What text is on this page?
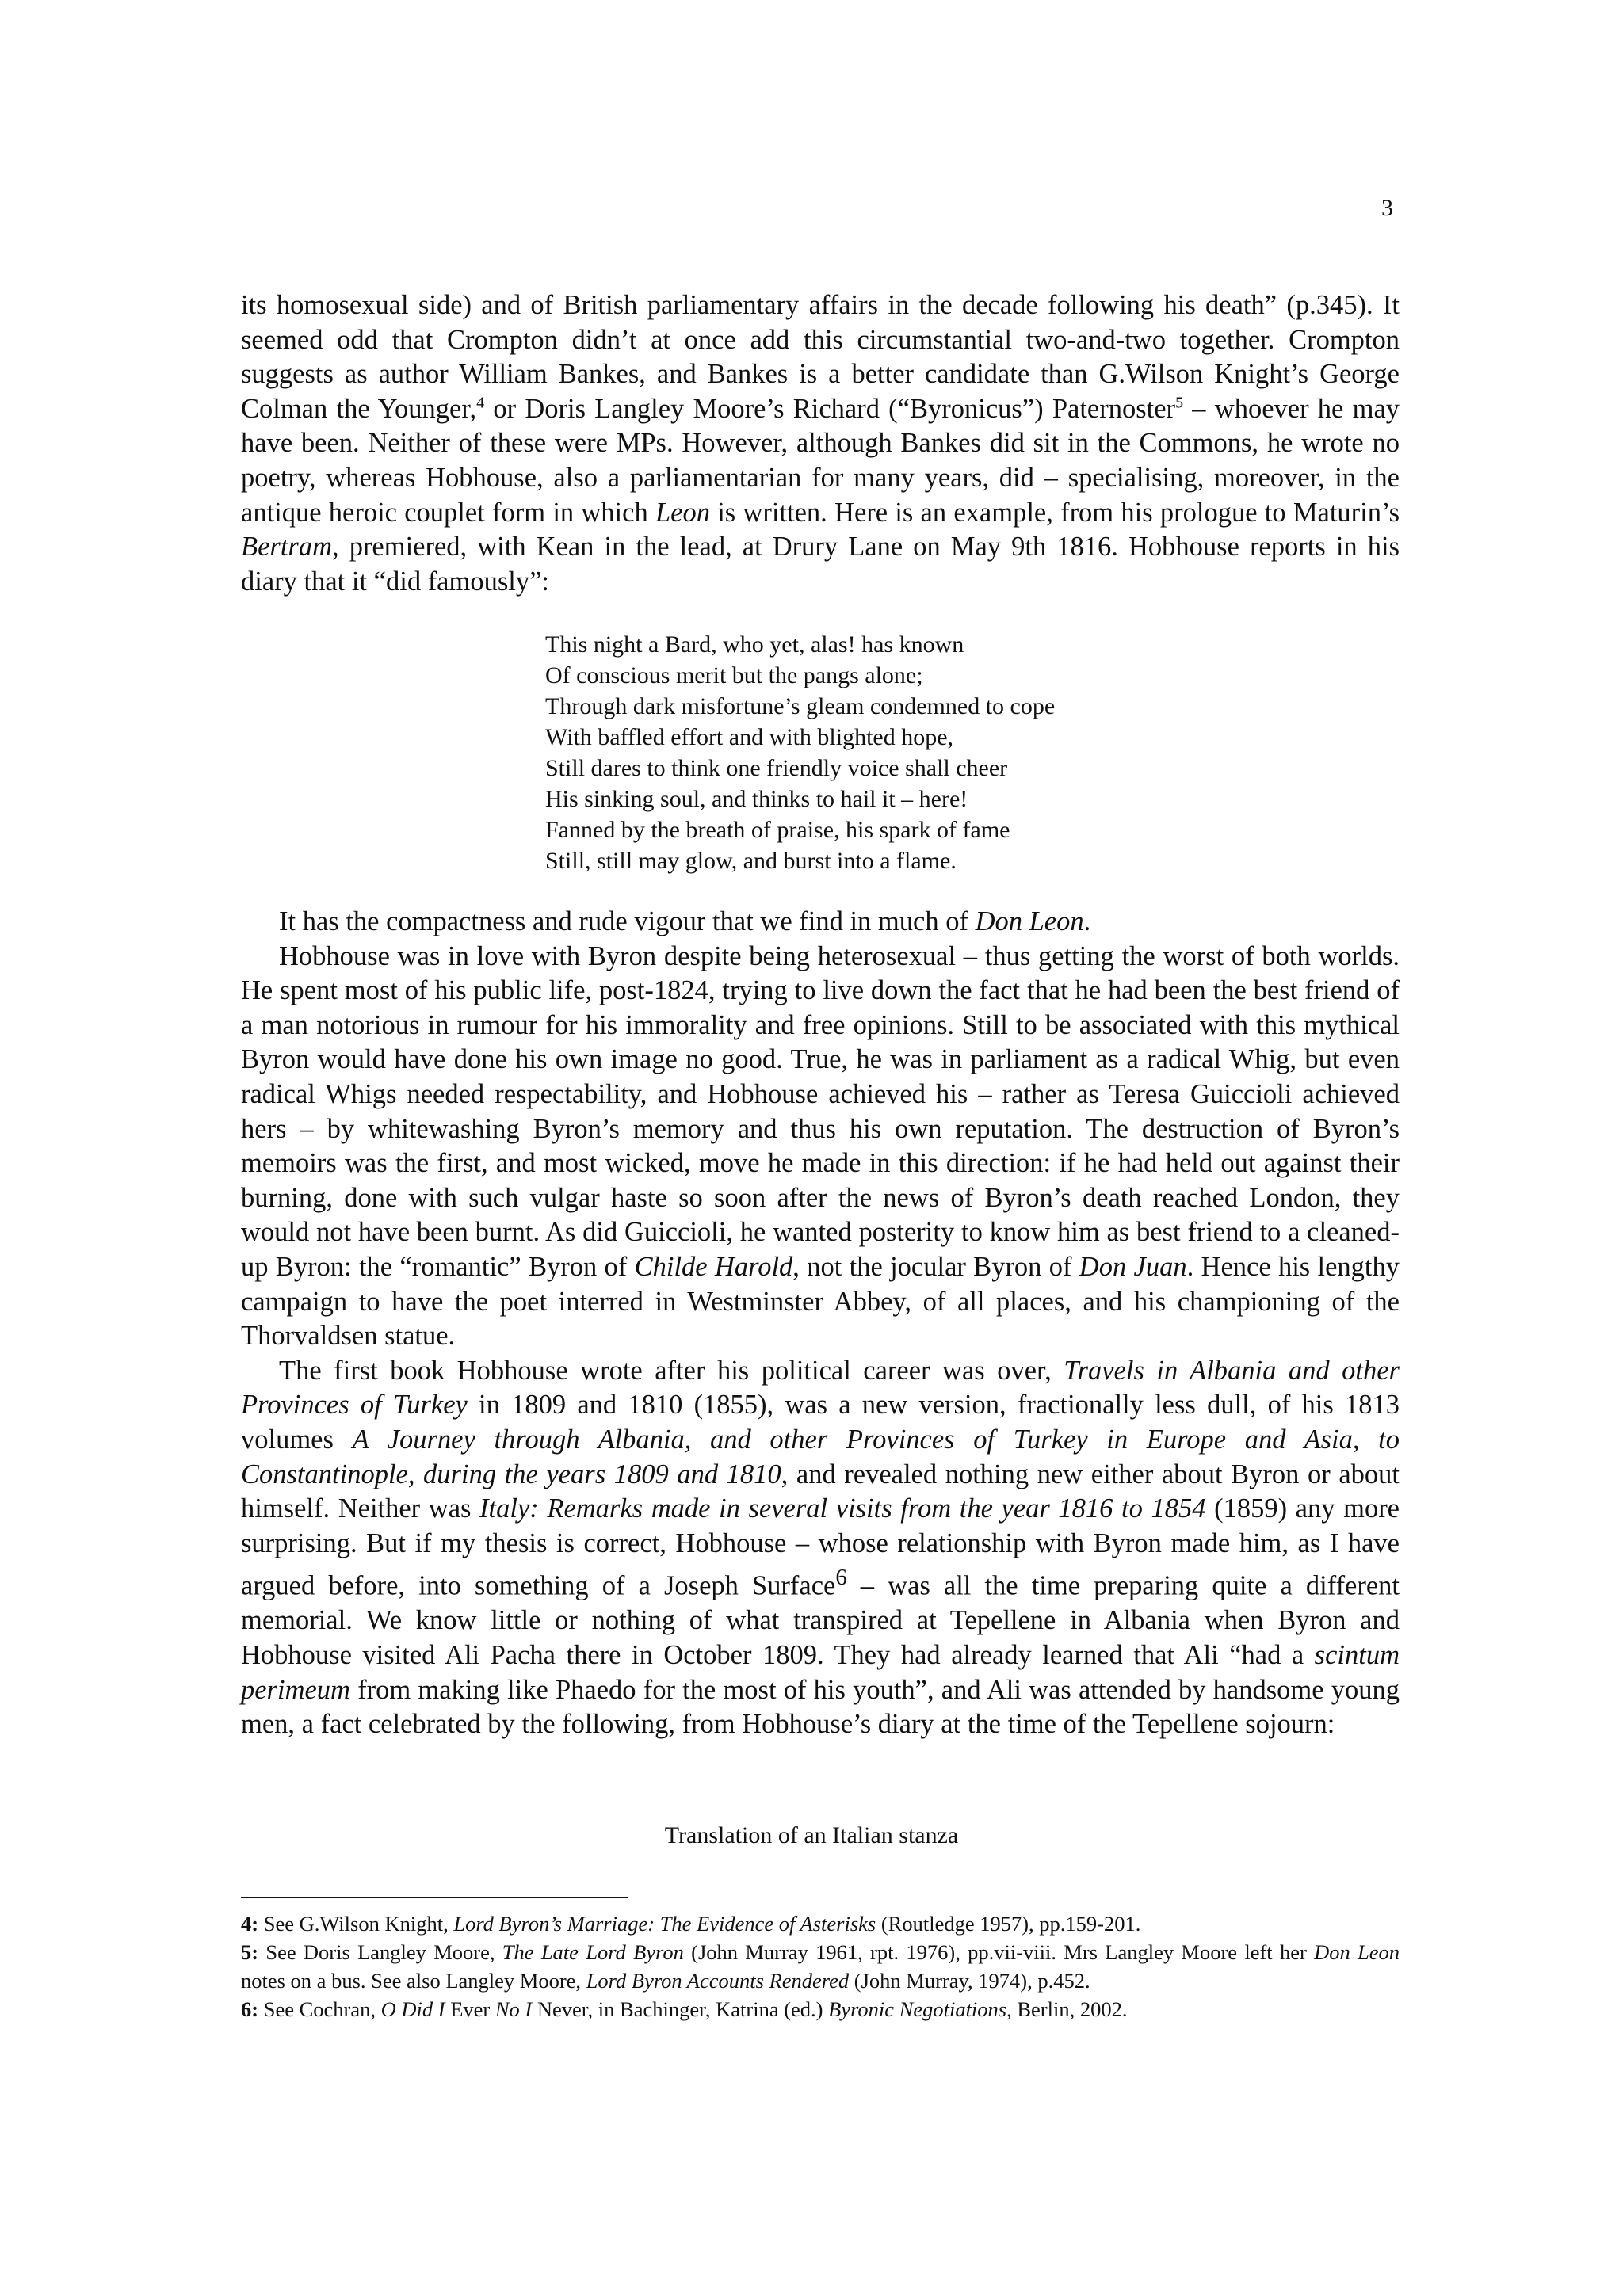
3

its homosexual side) and of British parliamentary affairs in the decade following his death” (p.345). It seemed odd that Crompton didn’t at once add this circumstantial two-and-two together. Crompton suggests as author William Bankes, and Bankes is a better candidate than G.Wilson Knight’s George Colman the Younger,$^4$ or Doris Langley Moore’s Richard (“Byronicus”) Paternoster$^5$ – whoever he may have been. Neither of these were MPs. However, although Bankes did sit in the Commons, he wrote no poetry, whereas Hobhouse, also a parliamentarian for many years, did – specialising, moreover, in the antique heroic couplet form in which Leon is written. Here is an example, from his prologue to Maturin’s Bertram, premiered, with Kean in the lead, at Drury Lane on May 9th 1816. Hobhouse reports in his diary that it “did famously”:

This night a Bard, who yet, alas! has known
Of conscious merit but the pangs alone;
Through dark misfortune’s gleam condemned to cope
With baffled effort and with blighted hope,
Still dares to think one friendly voice shall cheer
His sinking soul, and thinks to hail it – here!
Fanned by the breath of praise, his spark of fame
Still, still may glow, and burst into a flame.

It has the compactness and rude vigour that we find in much of Don Leon.

Hobhouse was in love with Byron despite being heterosexual – thus getting the worst of both worlds. He spent most of his public life, post-1824, trying to live down the fact that he had been the best friend of a man notorious in rumour for his immorality and free opinions. Still to be associated with this mythical Byron would have done his own image no good. True, he was in parliament as a radical Whig, but even radical Whigs needed respectability, and Hobhouse achieved his – rather as Teresa Guiccioli achieved hers – by whitewashing Byron’s memory and thus his own reputation. The destruction of Byron’s memoirs was the first, and most wicked, move he made in this direction: if he had held out against their burning, done with such vulgar haste so soon after the news of Byron’s death reached London, they would not have been burnt. As did Guiccioli, he wanted posterity to know him as best friend to a cleaned-up Byron: the “romantic” Byron of Childe Harold, not the jocular Byron of Don Juan. Hence his lengthy campaign to have the poet interred in Westminster Abbey, of all places, and his championing of the Thorvaldsen statue.

The first book Hobhouse wrote after his political career was over, Travels in Albania and other Provinces of Turkey in 1809 and 1810 (1855), was a new version, fractionally less dull, of his 1813 volumes A Journey through Albania, and other Provinces of Turkey in Europe and Asia, to Constantinople, during the years 1809 and 1810, and revealed nothing new either about Byron or about himself. Neither was Italy: Remarks made in several visits from the year 1816 to 1854 (1859) any more surprising. But if my thesis is correct, Hobhouse – whose relationship with Byron made him, as I have argued before, into something of a Joseph Surface$^6$ – was all the time preparing quite a different memorial. We know little or nothing of what transpired at Tepellene in Albania when Byron and Hobhouse visited Ali Pacha there in October 1809. They had already learned that Ali “had a scintum perimeum from making like Phaedo for the most of his youth”, and Ali was attended by handsome young men, a fact celebrated by the following, from Hobhouse’s diary at the time of the Tepellene sojourn:

Translation of an Italian stanza

4: See G.Wilson Knight, Lord Byron’s Marriage: The Evidence of Asterisks (Routledge 1957), pp.159-201.

5: See Doris Langley Moore, The Late Lord Byron (John Murray 1961, rpt. 1976), pp.vii-viii. Mrs Langley Moore left her Don Leon notes on a bus. See also Langley Moore, Lord Byron Accounts Rendered (John Murray, 1974), p.452.

6: See Cochran, O Did I Ever No I Never, in Bachinger, Katrina (ed.) Byronic Negotiations, Berlin, 2002.
